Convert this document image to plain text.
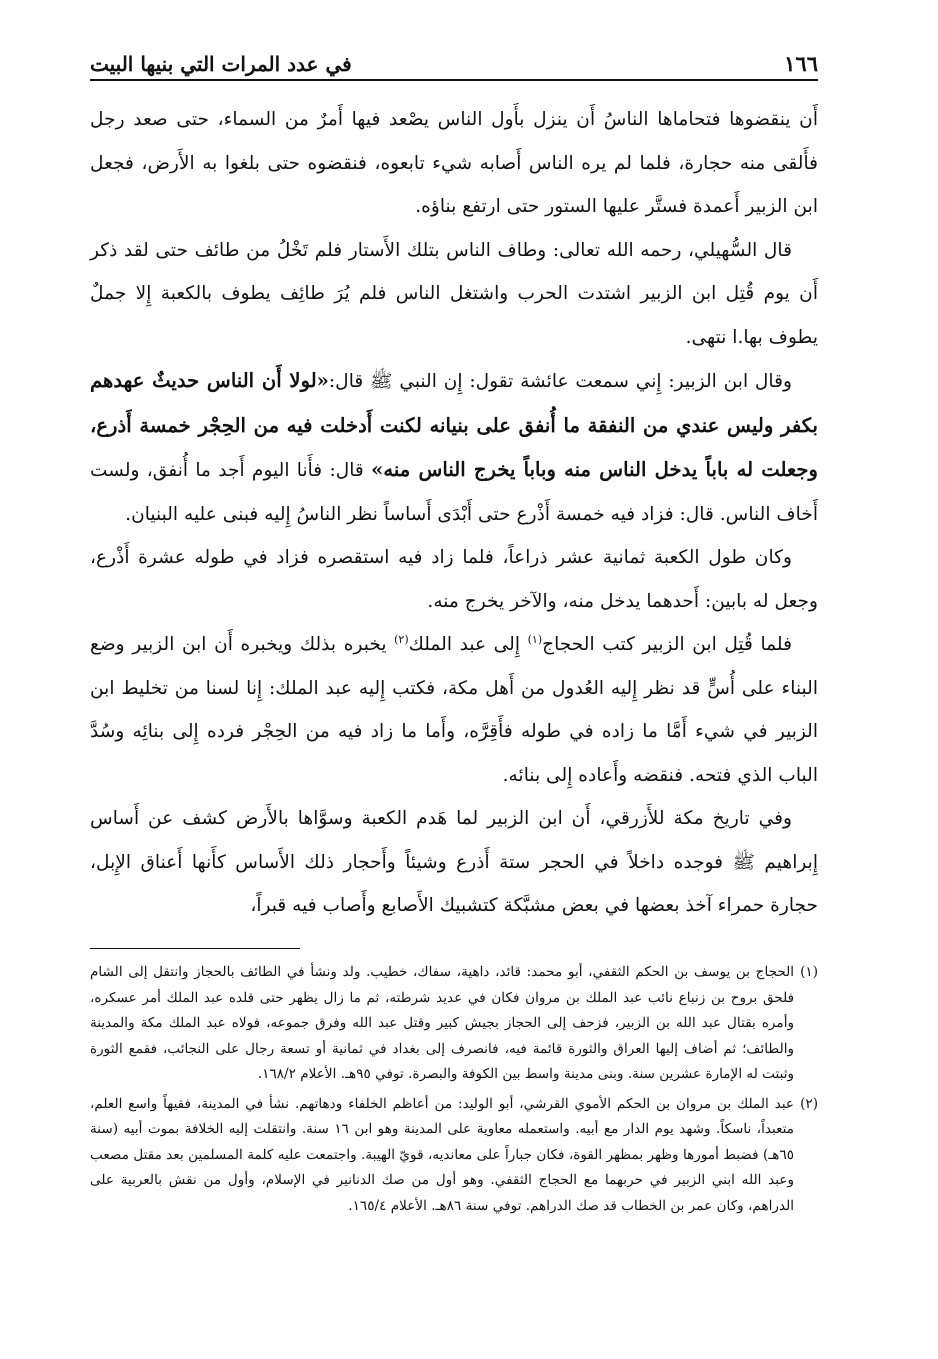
١٦٦
في عدد المرات التي بنيها البيت

أَن ينقضوها فتحاماها الناسُ أَن ينزل بأَول الناس يصْعد فيها أَمرٌ من السماء، حتى صعد رجل فأَلقى منه حجارة، فلما لم يره الناس أَصابه شيء تابعوه، فنقضوه حتى بلغوا به الأَرض، فجعل ابن الزبير أَعمدة فستَّر عليها الستور حتى ارتفع بناؤه.

قال السُّهيلي، رحمه الله تعالى: وطاف الناس بتلك الأَستار فلم تَخْلُ من طائف حتى لقد ذكر أَن يوم قُتِل ابن الزبير اشتدت الحرب واشتغل الناس فلم يُرَ طائِف يطوف بالكعبة إِلا جملٌ يطوف بها.ا نتهى.

وقال ابن الزبير: إِني سمعت عائشة تقول: إِن النبي ﷺ قال:«لولا أَن الناس حديثٌ عهدهم بكفر وليس عندي من النفقة ما أُنفق على بنيانه لكنت أَدخلت فيه من الحِجْر خمسة أَذرع، وجعلت له باباً يدخل الناس منه وباباً يخرج الناس منه» قال: فأَنا اليوم أَجد ما أُنفق، ولست أَخاف الناس. قال: فزاد فيه خمسة أَذْرع حتى أَبْدَى أَساساً نظر الناسُ إِليه فبنى عليه البنيان.

وكان طول الكعبة ثمانية عشر ذراعاً، فلما زاد فيه استقصره فزاد في طوله عشرة أَذْرع، وجعل له بابين: أَحدهما يدخل منه، والآخر يخرج منه.

فلما قُتِل ابن الزبير كتب الحجاج$^{(١)}$ إِلى عبد الملك$^{(٢)}$ يخبره بذلك ويخبره أَن ابن الزبير وضع البناء على أُسٍّ قد نظر إِليه العُدول من أَهل مكة، فكتب إِليه عبد الملك: إِنا لسنا من تخليط ابن الزبير في شيء أَمَّا ما زاده في طوله فأَقِرَّه، وأَما ما زاد فيه من الحِجْر فرده إِلى بنائِه وسُدَّ الباب الذي فتحه. فنقضه وأَعاده إِلى بنائه.

وفي تاريخ مكة للأَزرقي، أَن ابن الزبير لما هَدم الكعبة وسوَّاها بالأَرض كشف عن أَساس إِبراهيم ﷺ فوجده داخلاً في الحجر ستة أَذرع وشيئاً وأَحجار ذلك الأَساس كأَنها أَعناق الإِبل، حجارة حمراء آخذ بعضها في بعض مشبَّكة كتشبيك الأَصابع وأَصاب فيه قبراً،

(١)
الحجاج بن يوسف بن الحكم الثقفي، أبو محمد: قائد، داهية، سفاك، خطيب. ولد ونشأ في الطائف بالحجاز وانتقل إلى الشام فلحق بروح بن زنباع نائب عبد الملك بن مروان فكان في عديد شرطته، ثم ما زال يظهر حتى قلده عبد الملك أمر عسكره، وأمره بقتال عبد الله بن الزبير، فزحف إلى الحجاز بجيش كبير وقتل عبد الله وفرق جموعه، فولاه عبد الملك مكة والمدينة والطائف؛ ثم أضاف إليها العراق والثورة قائمة فيه، فانصرف إلى بغداد في ثمانية أو تسعة رجال على النجائب، فقمع الثورة وثبتت له الإمارة عشرين سنة. وبنى مدينة واسط بين الكوفة والبصرة. توفي ٩٥هـ. الأعلام ١٦٨/٢.
(٢)
عبد الملك بن مروان بن الحكم الأموي القرشي، أبو الوليد: من أعاظم الخلفاء ودهاتهم. نشأ في المدينة، فقيهاً واسع العلم، متعبداً، ناسكاً. وشهد يوم الدار مع أبيه. واستعمله معاوية على المدينة وهو ابن ١٦ سنة. وانتقلت إليه الخلافة بموت أبيه (سنة ٦٥هـ) فضبط أمورها وظهر بمظهر القوة، فكان جباراً على معانديه، قويّ الهيبة. واجتمعت عليه كلمة المسلمين بعد مقتل مصعب وعبد الله ابني الزبير في حربهما مع الحجاج الثقفي. وهو أول من صك الدنانير في الإسلام، وأول من نقش بالعربية على الدراهم، وكان عمر بن الخطاب قد صك الدراهم. توفي سنة ٨٦هـ. الأعلام ١٦٥/٤.
